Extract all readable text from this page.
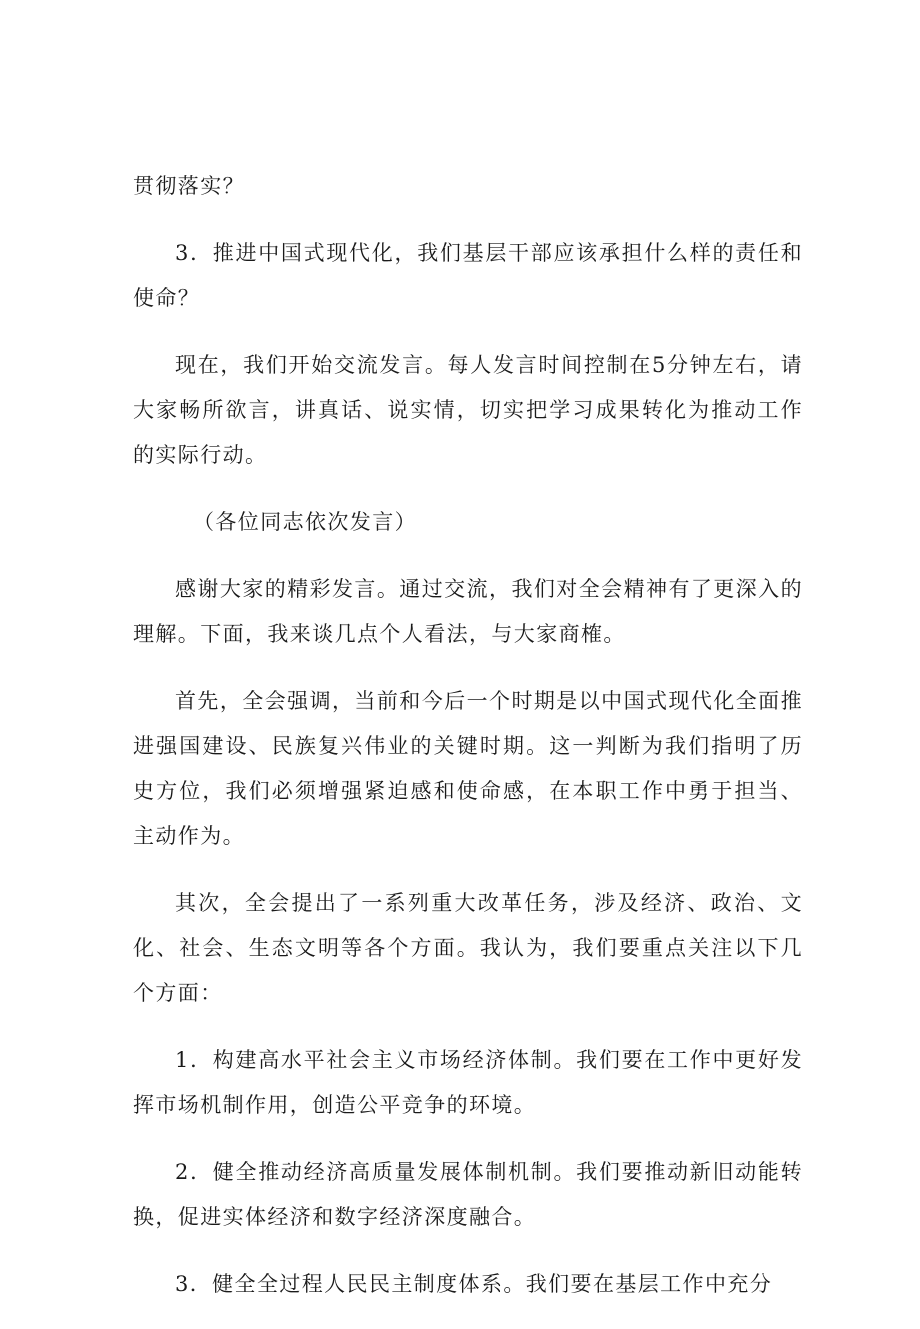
贯彻落实？

3．推进中国式现代化，我们基层干部应该承担什么样的责任和使命？

现在，我们开始交流发言。每人发言时间控制在5分钟左右，请大家畅所欲言，讲真话、说实情，切实把学习成果转化为推动工作的实际行动。

（各位同志依次发言）

感谢大家的精彩发言。通过交流，我们对全会精神有了更深入的理解。下面，我来谈几点个人看法，与大家商榷。

首先，全会强调，当前和今后一个时期是以中国式现代化全面推进强国建设、民族复兴伟业的关键时期。这一判断为我们指明了历史方位，我们必须增强紧迫感和使命感，在本职工作中勇于担当、主动作为。

其次，全会提出了一系列重大改革任务，涉及经济、政治、文化、社会、生态文明等各个方面。我认为，我们要重点关注以下几个方面：

1．构建高水平社会主义市场经济体制。我们要在工作中更好发挥市场机制作用，创造公平竞争的环境。

2．健全推动经济高质量发展体制机制。我们要推动新旧动能转换，促进实体经济和数字经济深度融合。

3．健全全过程人民民主制度体系。我们要在基层工作中充分
